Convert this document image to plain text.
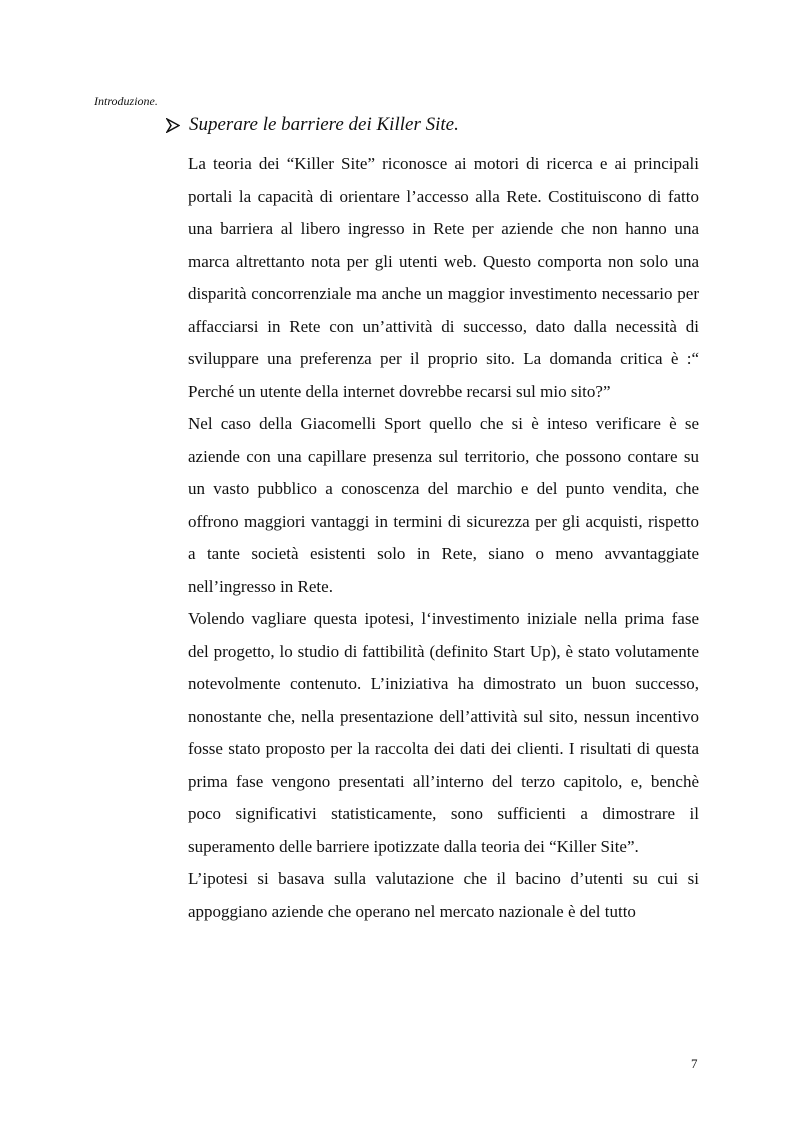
Introduzione.
Superare le barriere dei Killer Site.

La teoria dei “Killer Site” riconosce ai motori di ricerca e ai principali portali la capacità di orientare l’accesso alla Rete. Costituiscono di fatto una barriera al libero ingresso in Rete per aziende che non hanno una marca altrettanto nota per gli utenti web. Questo comporta non solo una disparità concorrenziale ma anche un maggior investimento necessario per affacciarsi in Rete con un’attività di successo, dato dalla necessità di sviluppare una preferenza per il proprio sito. La domanda critica è :“ Perché un utente della internet dovrebbe recarsi sul mio sito?”

Nel caso della Giacomelli Sport quello che si è inteso verificare è se aziende con una capillare presenza sul territorio, che possono contare su un vasto pubblico a conoscenza del marchio e del punto vendita, che offrono maggiori vantaggi in termini di sicurezza per gli acquisti, rispetto a tante società esistenti solo in Rete, siano o meno avvantaggiate nell’ingresso in Rete.

Volendo vagliare questa ipotesi, l‘investimento iniziale nella prima fase del progetto, lo studio di fattibilità (definito Start Up), è stato volutamente notevolmente contenuto. L’iniziativa ha dimostrato un buon successo, nonostante che, nella presentazione dell’attività sul sito, nessun incentivo fosse stato proposto per la raccolta dei dati dei clienti. I risultati di questa prima fase vengono presentati all’interno del terzo capitolo, e, benchè poco significativi statisticamente, sono sufficienti a dimostrare il superamento delle barriere ipotizzate dalla teoria dei “Killer Site”.

L’ipotesi si basava sulla valutazione che il bacino d’utenti su cui si appoggiano aziende che operano nel mercato nazionale è del tutto

7
